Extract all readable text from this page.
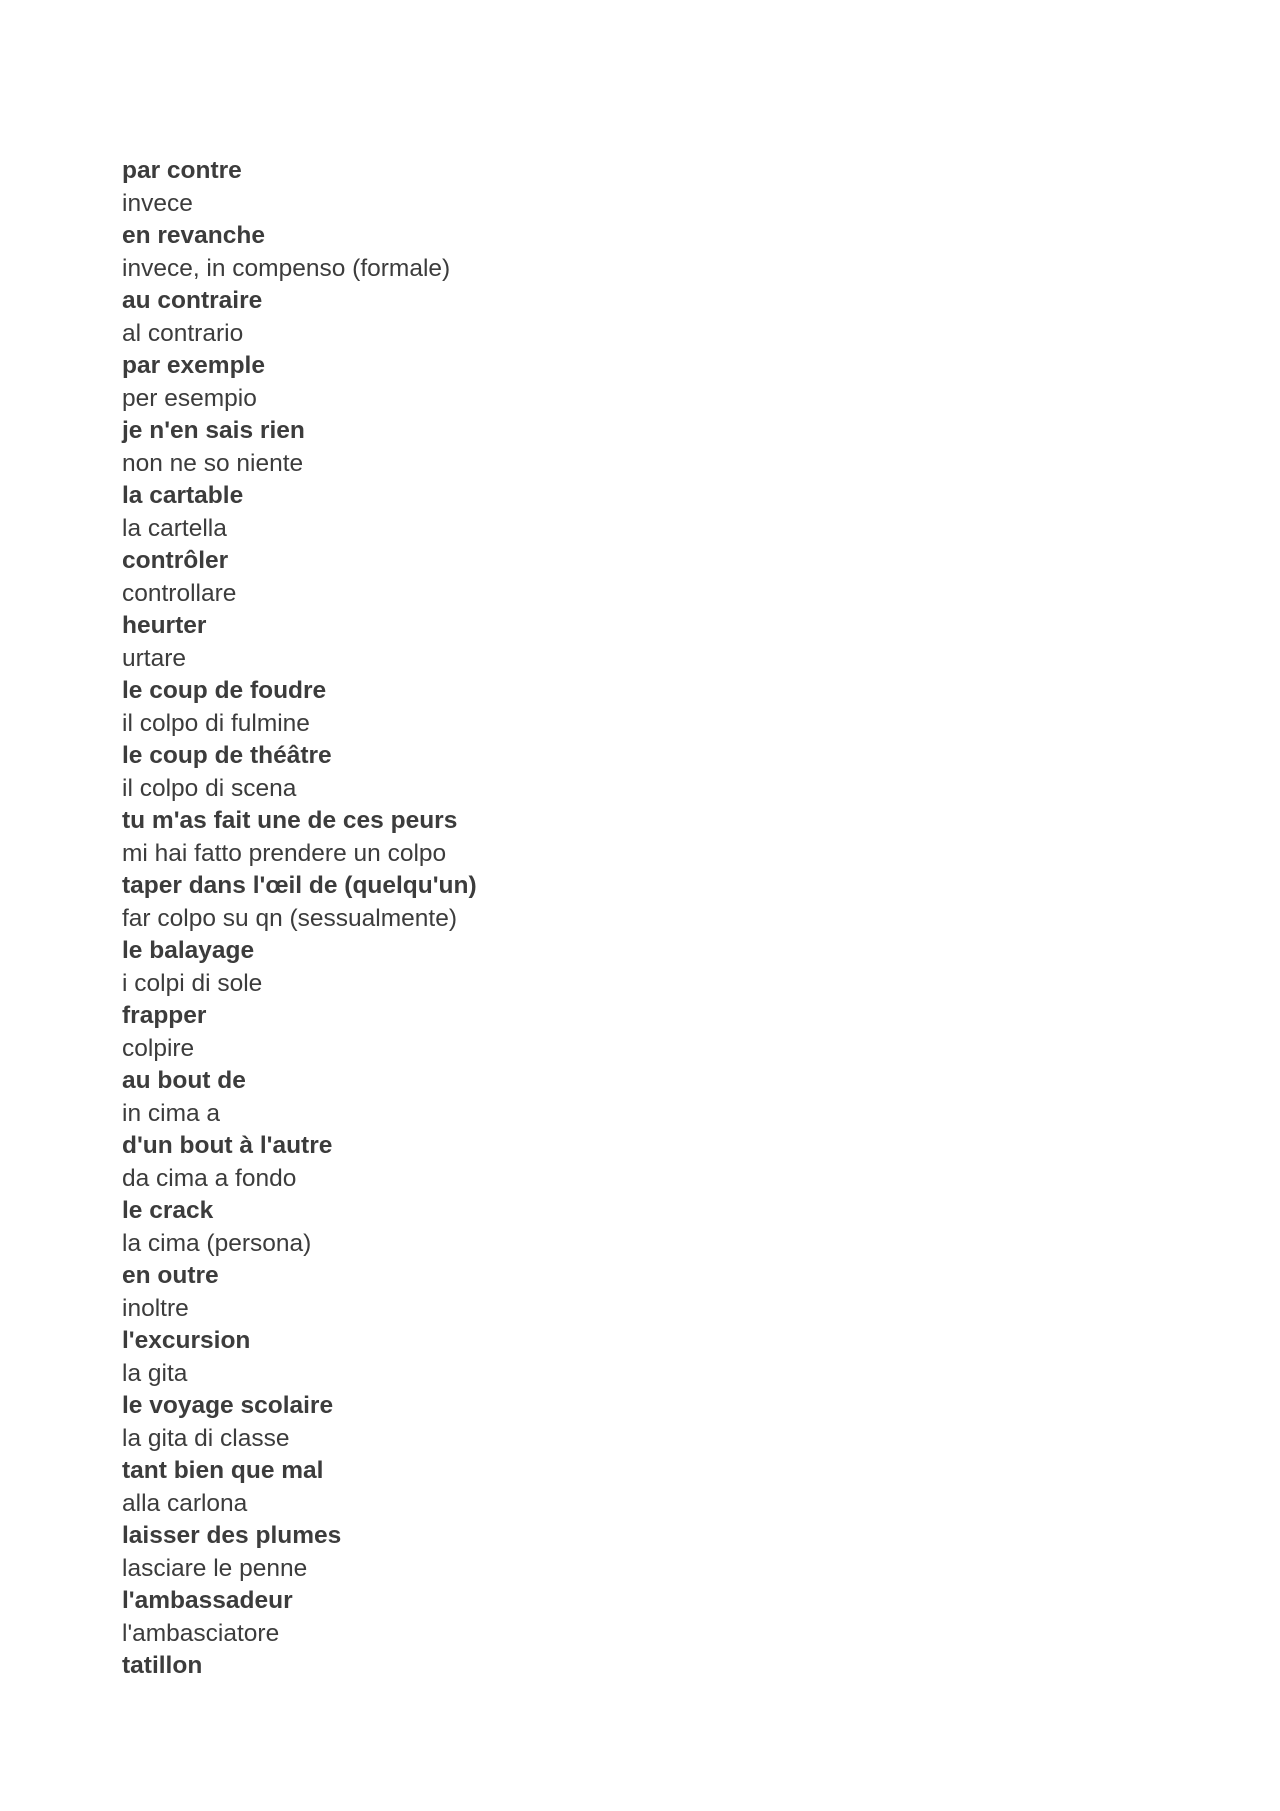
par contre
invece
en revanche
invece, in compenso (formale)
au contraire
al contrario
par exemple
per esempio
je n'en sais rien
non ne so niente
la cartable
la cartella
contrôler
controllare
heurter
urtare
le coup de foudre
il colpo di fulmine
le coup de théâtre
il colpo di scena
tu m'as fait une de ces peurs
mi hai fatto prendere un colpo
taper dans l'œil de (quelqu'un)
far colpo su qn (sessualmente)
le balayage
i colpi di sole
frapper
colpire
au bout de
in cima a
d'un bout à l'autre
da cima a fondo
le crack
la cima (persona)
en outre
inoltre
l'excursion
la gita
le voyage scolaire
la gita di classe
tant bien que mal
alla carlona
laisser des plumes
lasciare le penne
l'ambassadeur
l'ambasciatore
tatillon
